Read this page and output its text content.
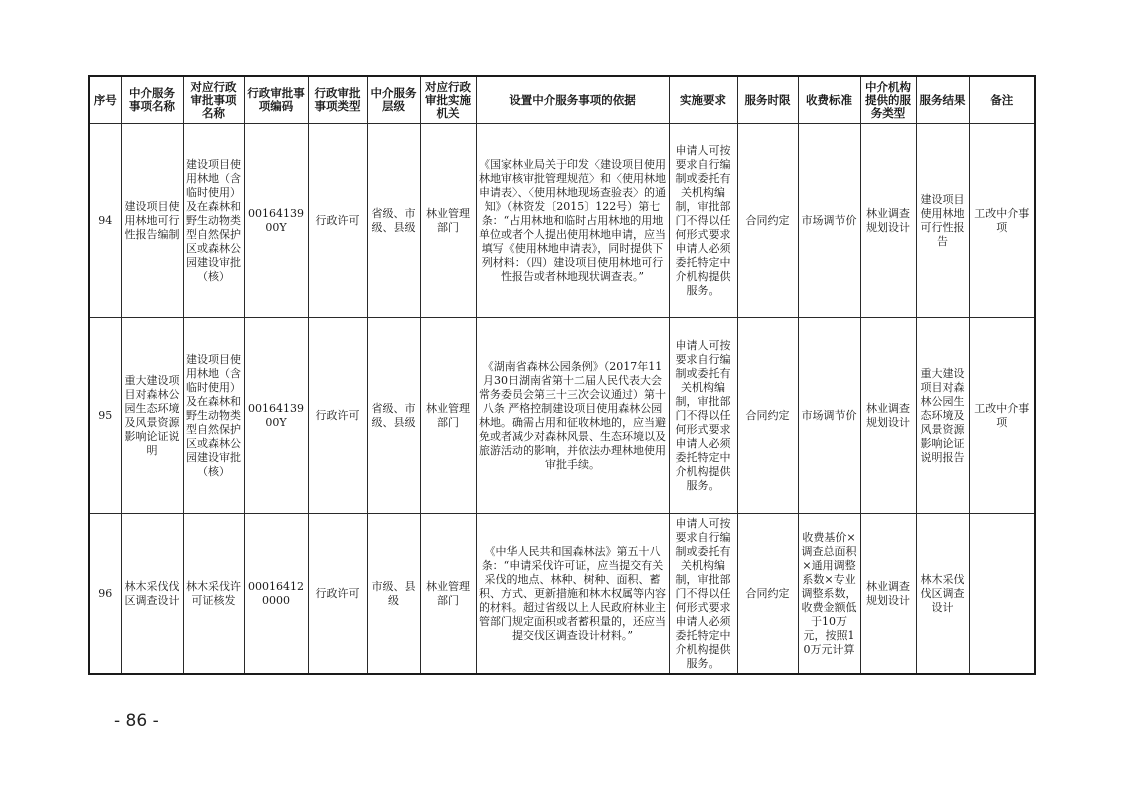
序号	中介服务事项名称	对应行政审批事项名称	行政审批事项编码	行政审批事项类型	中介服务层级	对应行政审批实施机关	设置中介服务事项的依据	实施要求	服务时限	收费标准	中介机构提供的服务类型	服务结果	备注
94	建设项目使用林地可行性报告编制	建设项目使用林地（含临时使用）及在森林和野生动物类型自然保护区或森林公园建设审批（核）	0016413900Y	行政许可	省级、市级、县级	林业管理部门	《国家林业局关于印发〈建设项目使用林地审核审批管理规范〉和〈使用林地申请表〉、〈使用林地现场查验表〉的通知》（林资发〔2015〕122号）第七条：“占用林地和临时占用林地的用地单位或者个人提出使用林地申请，应当填写《使用林地申请表》，同时提供下列材料：（四）建设项目使用林地可行性报告或者林地现状调查表。”	申请人可按要求自行编制或委托有关机构编制，审批部门不得以任何形式要求申请人必须委托特定中介机构提供服务。	合同约定	市场调节价	林业调查规划设计	建设项目使用林地可行性报告	工改中介事项
95	重大建设项目对森林公园生态环境及风景资源影响论证说明	建设项目使用林地（含临时使用）及在森林和野生动物类型自然保护区或森林公园建设审批（核）	0016413900Y	行政许可	省级、市级、县级	林业管理部门	《湖南省森林公园条例》（2017年11月30日湖南省第十二届人民代表大会常务委员会第三十三次会议通过）第十八条 严格控制建设项目使用森林公园林地。确需占用和征收林地的，应当避免或者减少对森林风景、生态环境以及旅游活动的影响，并依法办理林地使用审批手续。	申请人可按要求自行编制或委托有关机构编制，审批部门不得以任何形式要求申请人必须委托特定中介机构提供服务。	合同约定	市场调节价	林业调查规划设计	重大建设项目对森林公园生态环境及风景资源影响论证说明报告	工改中介事项
96	林木采伐伐区调查设计	林木采伐许可证核发	000164120000	行政许可	市级、县级	林业管理部门	《中华人民共和国森林法》第五十八条：“申请采伐许可证，应当提交有关采伐的地点、林种、树种、面积、蓄积、方式、更新措施和林木权属等内容的材料。超过省级以上人民政府林业主管部门规定面积或者蓄积量的，还应当提交伐区调查设计材料。”	申请人可按要求自行编制或委托有关机构编制，审批部门不得以任何形式要求申请人必须委托特定中介机构提供服务。	合同约定	收费基价×调查总面积×通用调整系数×专业调整系数，收费金额低于10万元，按照10万元计算	林业调查规划设计	林木采伐伐区调查设计	
- 86 -
